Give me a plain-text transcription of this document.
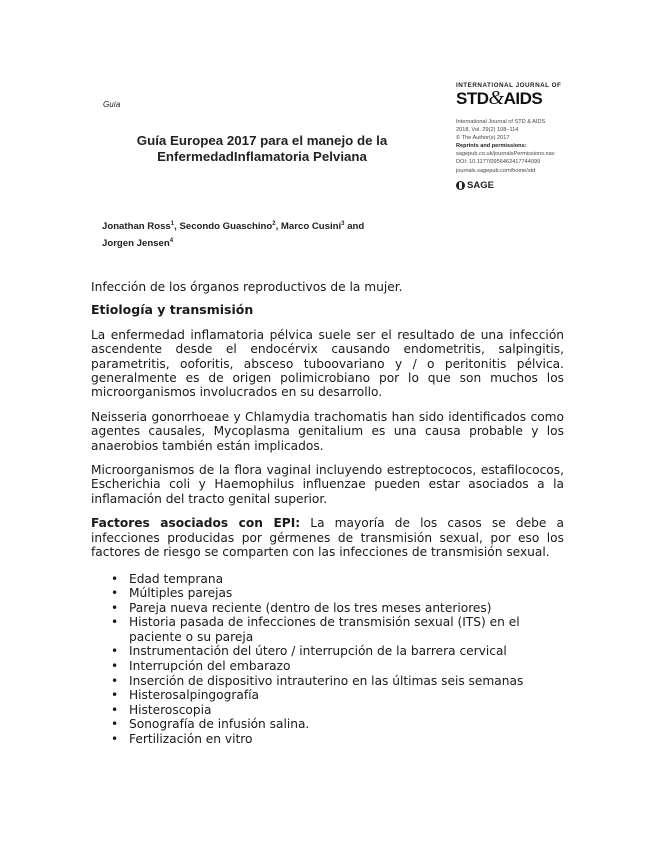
Guía
Guía Europea 2017 para el manejo de la
EnfermedadInflamatoria Pelviana
INTERNATIONAL JOURNAL OF
STD&AIDS
International Journal of STD & AIDS
2018, Vol. 29(2) 108–114
© The Author(s) 2017
Reprints and permissions:
sagepub.co.uk/journalsPermissions.nav
DOI: 10.1177/0956462417744099
journals.sagepub.com/home/std
SAGE
Jonathan Ross$^1$, Secondo Guaschino$^2$, Marco Cusini$^3$ and
Jorgen Jensen$^4$

Infección de los órganos reproductivos de la mujer.

Etiología y transmisión

La enfermedad inflamatoria pélvica suele ser el resultado de una infección ascendente desde el endocérvix causando endometritis, salpingitis, parametritis, ooforitis, absceso tuboovariano y / o peritonitis pélvica. generalmente es de origen polimicrobiano por lo que son muchos los microorganismos involucrados en su desarrollo.

Neisseria gonorrhoeae y Chlamydia trachomatis han sido identificados como agentes causales, Mycoplasma genitalium es una causa probable y los anaerobios también están implicados.

Microorganismos de la flora vaginal incluyendo estreptococos, estafilococos, Escherichia coli y Haemophilus influenzae pueden estar asociados a la inflamación del tracto genital superior.

Factores asociados con EPI: La mayoría de los casos se debe a infecciones producidas por gérmenes de transmisión sexual, por eso los factores de riesgo se comparten con las infecciones de transmisión sexual.

• Edad temprana
• Múltiples parejas
• Pareja nueva reciente (dentro de los tres meses anteriores)
• Historia pasada de infecciones de transmisión sexual (ITS) en el paciente o su pareja
• Instrumentación del útero / interrupción de la barrera cervical
• Interrupción del embarazo
• Inserción de dispositivo intrauterino en las últimas seis semanas
• Histerosalpingografía
• Histeroscopia
• Sonografía de infusión salina.
• Fertilización en vitro
